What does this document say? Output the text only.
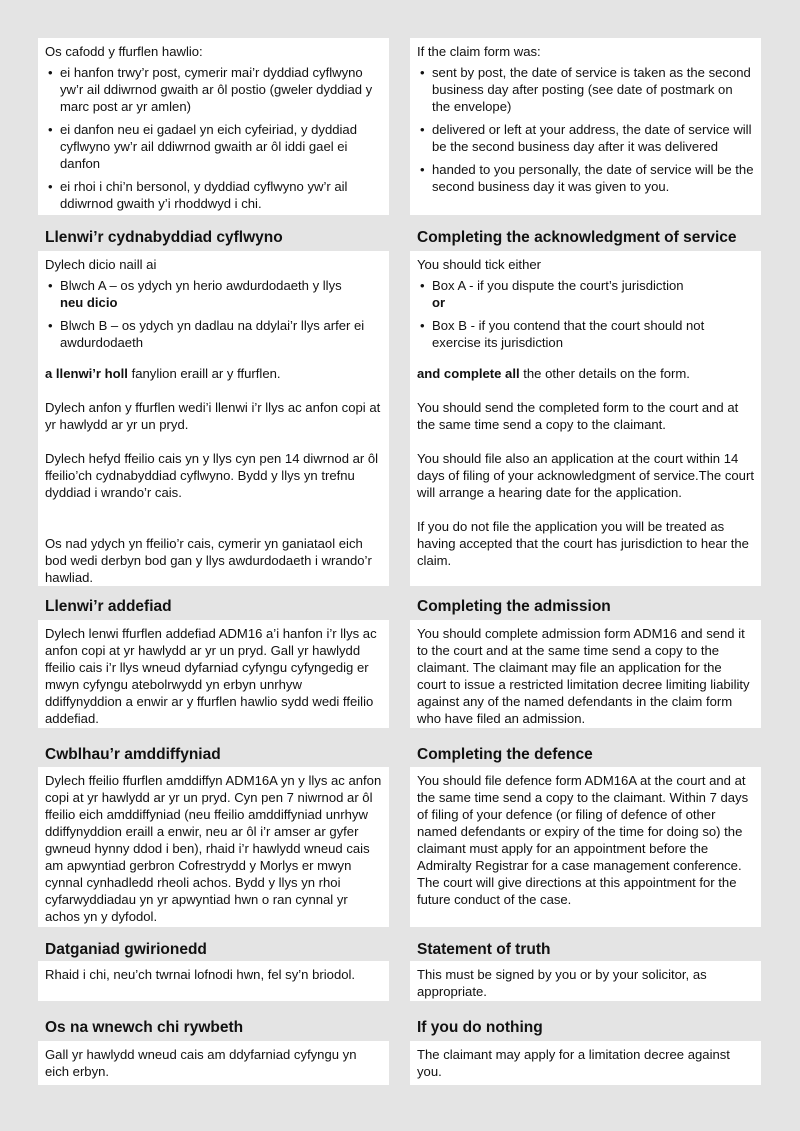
Os cafodd y ffurflen hawlio:

• ei hanfon trwy’r post, cymerir mai’r dyddiad cyflwyno yw’r ail ddiwrnod gwaith ar ôl postio (gweler dyddiad y marc post ar yr amlen)
• ei danfon neu ei gadael yn eich cyfeiriad, y dyddiad cyflwyno yw’r ail ddiwrnod gwaith ar ôl iddi gael ei danfon
• ei rhoi i chi’n bersonol, y dyddiad cyflwyno yw’r ail ddiwrnod gwaith y’i rhoddwyd i chi.
Llenwi’r cydnabyddiad cyflwyno

Dylech dicio naill ai

• Blwch A – os ydych yn herio awdurdodaeth y llys
neu dicio
• Blwch B – os ydych yn dadlau na ddylai’r llys arfer ei awdurdodaeth

a llenwi’r holl fanylion eraill ar y ffurflen.

Dylech anfon y ffurflen wedi’i llenwi i’r llys ac anfon copi at yr hawlydd ar yr un pryd.

Dylech hefyd ffeilio cais yn y llys cyn pen 14 diwrnod ar ôl ffeilio’ch cydnabyddiad cyflwyno. Bydd y llys yn trefnu dyddiad i wrando’r cais.

Os nad ydych yn ffeilio’r cais, cymerir yn ganiataol eich bod wedi derbyn bod gan y llys awdurdodaeth i wrando’r hawliad.

Llenwi’r addefiad

Dylech lenwi ffurflen addefiad ADM16 a’i hanfon i’r llys ac anfon copi at yr hawlydd ar yr un pryd. Gall yr hawlydd ffeilio cais i’r llys wneud dyfarniad cyfyngu cyfyngedig er mwyn cyfyngu atebolrwydd yn erbyn unrhyw ddiffynyddion a enwir ar y ffurflen hawlio sydd wedi ffeilio addefiad.

Cwblhau’r amddiffyniad

Dylech ffeilio ffurflen amddiffyn ADM16A yn y llys ac anfon copi at yr hawlydd ar yr un pryd. Cyn pen 7 niwrnod ar ôl ffeilio eich amddiffyniad (neu ffeilio amddiffyniad unrhyw ddiffynyddion eraill a enwir, neu ar ôl i’r amser ar gyfer gwneud hynny ddod i ben), rhaid i’r hawlydd wneud cais am apwyntiad gerbron Cofrestrydd y Morlys er mwyn cynnal cynhadledd rheoli achos. Bydd y llys yn rhoi cyfarwyddiadau yn yr apwyntiad hwn o ran cynnal yr achos yn y dyfodol.

Datganiad gwirionedd

Rhaid i chi, neu’ch twrnai lofnodi hwn, fel sy’n briodol.

Os na wnewch chi rywbeth

Gall yr hawlydd wneud cais am ddyfarniad cyfyngu yn eich erbyn.

If the claim form was:

• sent by post, the date of service is taken as the second business day after posting (see date of postmark on the envelope)
• delivered or left at your address, the date of service will be the second business day after it was delivered
• handed to you personally, the date of service will be the second business day it was given to you.
Completing the acknowledgment of service

You should tick either

• Box A - if you dispute the court’s jurisdiction
or
• Box B - if you contend that the court should not exercise its jurisdiction

and complete all the other details on the form.

You should send the completed form to the court and at the same time send a copy to the claimant.

You should file also an application at the court within 14 days of filing of your acknowledgment of service.The court will arrange a hearing date for the application.

If you do not file the application you will be treated as having accepted that the court has jurisdiction to hear the claim.

Completing the admission

You should complete admission form ADM16 and send it to the court and at the same time send a copy to the claimant. The claimant may file an application for the court to issue a restricted limitation decree limiting liability against any of the named defendants in the claim form who have filed an admission.

Completing the defence

You should file defence form ADM16A at the court and at the same time send a copy to the claimant. Within 7 days of filing of your defence (or filing of defence of other named defendants or expiry of the time for doing so) the claimant must apply for an appointment before the Admiralty Registrar for a case management conference. The court will give directions at this appointment for the future conduct of the case.

Statement of truth

This must be signed by you or by your solicitor, as appropriate.

If you do nothing

The claimant may apply for a limitation decree against you.
